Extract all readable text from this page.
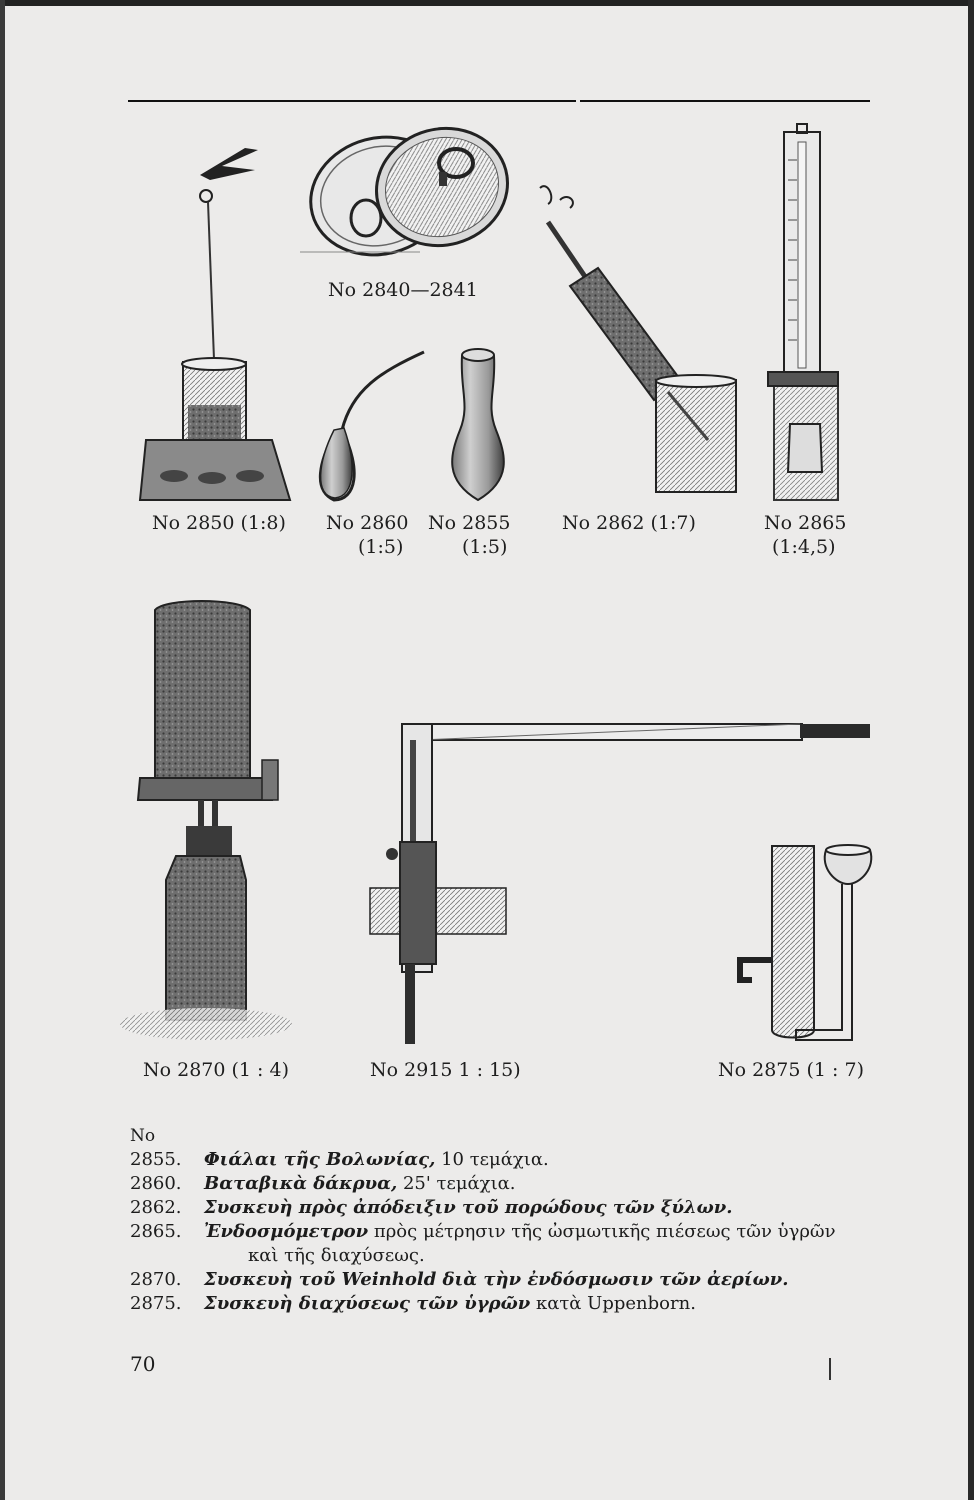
No 2840—2841
No 2850 (1:8) No 2860
(1:5)
No 2855
(1:5)
No 2862 (1:7)	No 2865
(1:4,5)
No 2870 (1 : 4)	No 2915 1 : 15)	No 2875 (1 : 7)
No
2855.	Φιάλαι τῆς Βολωνίας, 10 τεμάχια.
2860.	Βαταβικὰ δάκρυα, 25' τεμάχια.
2862.	Συσκευὴ πρὸς ἀπόδειξιν τοῦ πορώδους τῶν ξύλων.
2865.	Ἐνδοσμόμετρον πρὸς μέτρησιν τῆς ὠσμωτικῆς πιέσεως τῶν ὑγρῶν
καὶ τῆς διαχύσεως.
2870.	Συσκευὴ τοῦ Weinhold διὰ τὴν ἐνδόσμωσιν τῶν ἀερίων.
2875.	Συσκευὴ διαχύσεως τῶν ὑγρῶν κατὰ Uppenborn.
70
